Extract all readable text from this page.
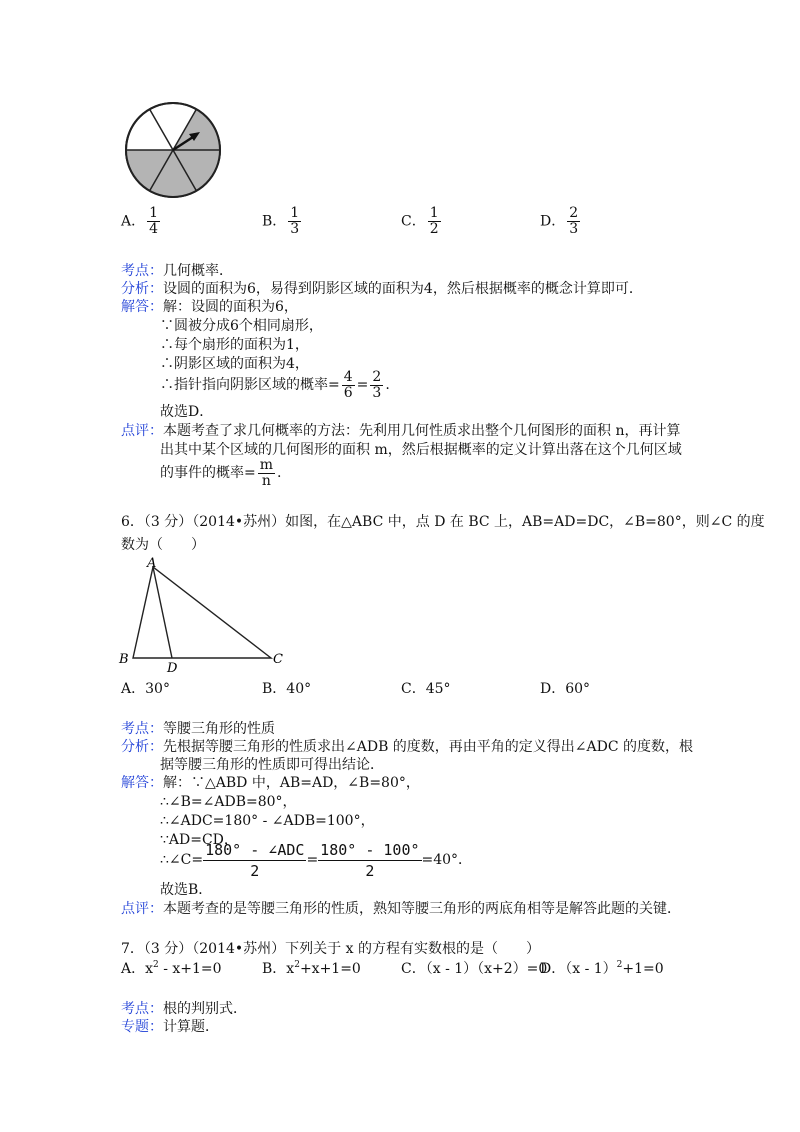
A． $\frac{1}{4}$	B． $\frac{1}{3}$	C． $\frac{1}{2}$	D． $\frac{2}{3}$
考点：几何概率．
分析：设圆的面积为6，易得到阴影区域的面积为4，然后根据概率的概念计算即可．
解答：解：设圆的面积为6，
∵圆被分成6个相同扇形，
∴每个扇形的面积为1，
∴阴影区域的面积为4，
∴指针指向阴影区域的概率= $\frac{4}{6} = \frac{2}{3}$ .
故选D．
点评：本题考查了求几何概率的方法：先利用几何性质求出整个几何图形的面积 n，再计算
出其中某个区域的几何图形的面积 m，然后根据概率的定义计算出落在这个几何区域
的事件的概率= $\frac{m}{n}$ .
6．（3 分）（2014•苏州）如图，在△ABC 中，点 D 在 BC 上，AB=AD=DC，∠B=80°，则∠C 的度
数为（　　）
A
B
D
C
A．30°	B．40°	C．45°	D．60°
考点：等腰三角形的性质
分析：先根据等腰三角形的性质求出∠ADB 的度数，再由平角的定义得出∠ADC 的度数，根
据等腰三角形的性质即可得出结论．
解答：解：∵△ABD 中，AB=AD，∠B=80°，
∴∠B=∠ADB=80°，
∴∠ADC=180° - ∠ADB=100°，
∵AD=CD，
∴∠C=
180° - ∠ADC
2
= $\frac{180^\circ - 100^\circ}{2} =40^\circ$．
故选B．
点评：本题考查的是等腰三角形的性质，熟知等腰三角形的两底角相等是解答此题的关键．
7．（3 分）（2014•苏州）下列关于 x 的方程有实数根的是（　　）
A．$x^2 - x+1=0$	B．$x^2+x+1=0$	C．（x - 1）（x+2）=0
D．（x - 1）$^2$+1=0
考点：根的判别式．
专题：计算题．
